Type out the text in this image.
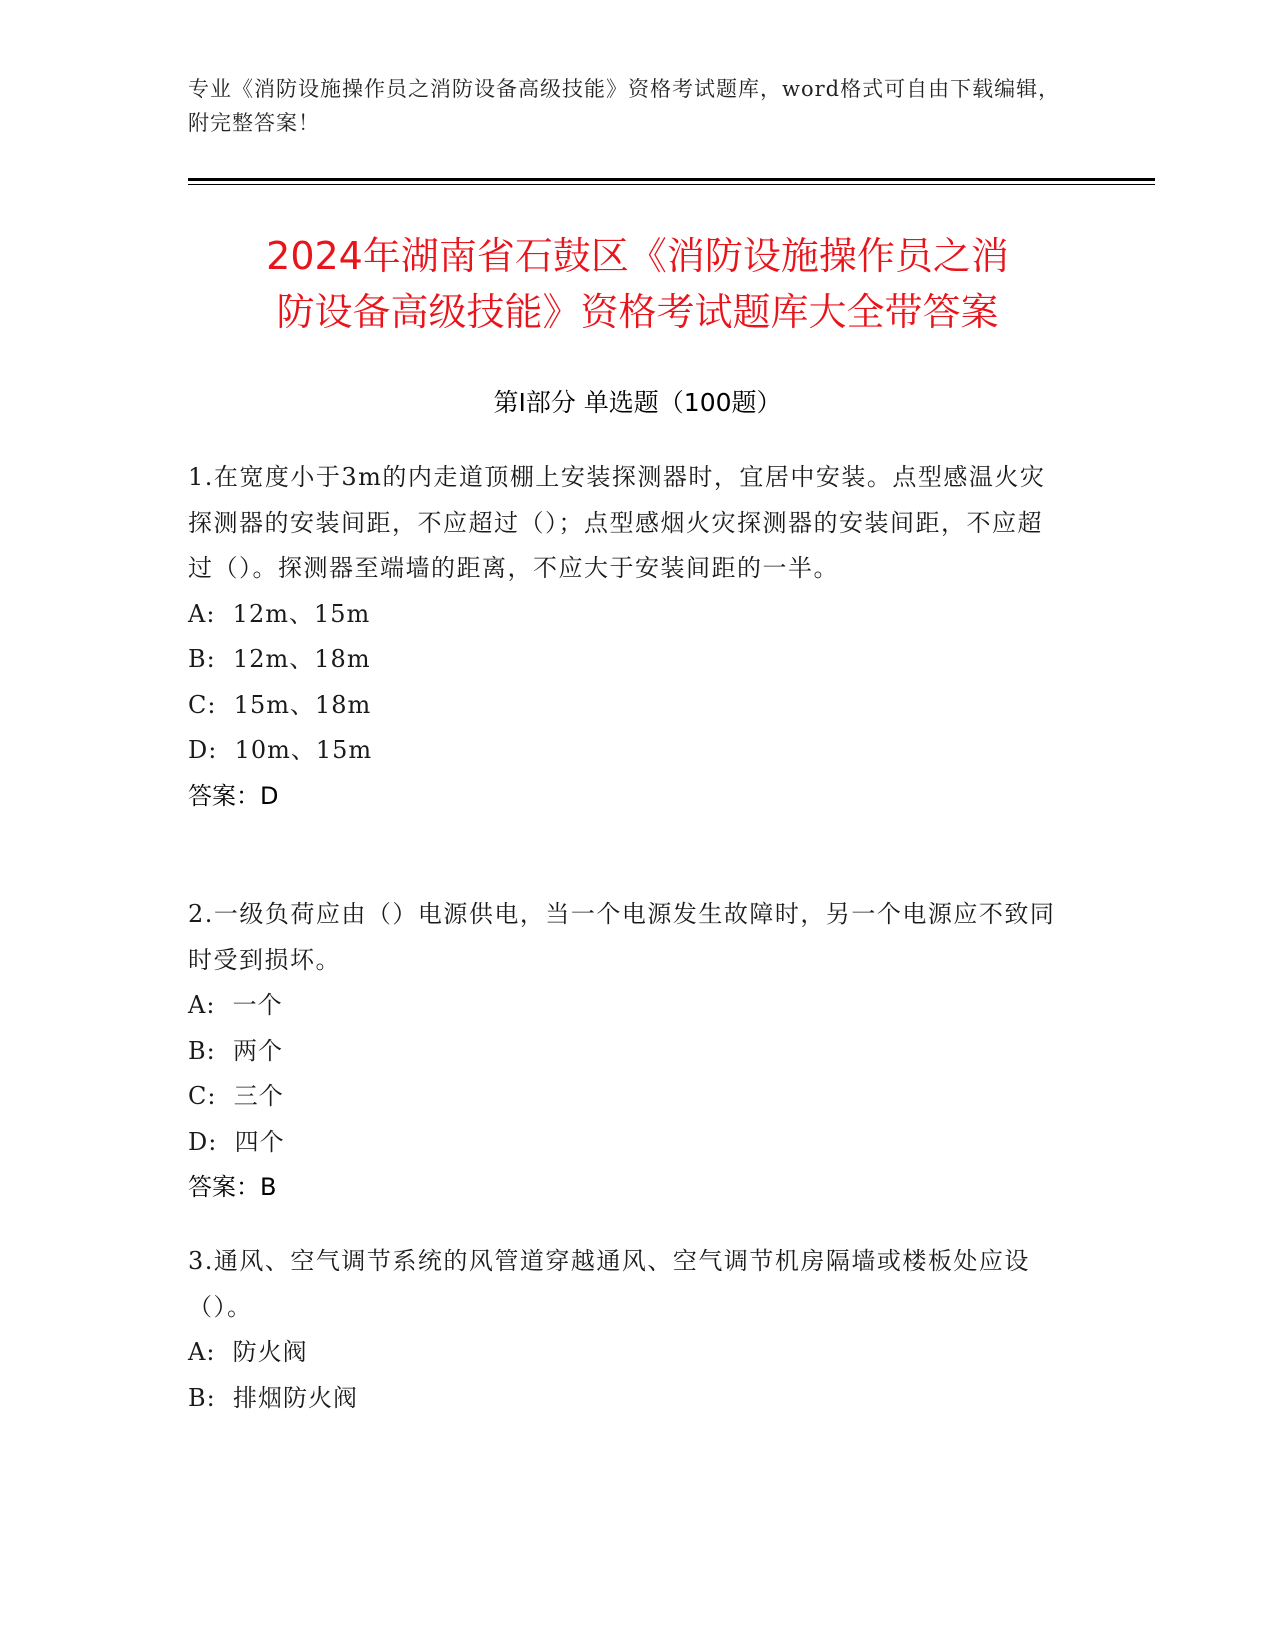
专业《消防设施操作员之消防设备高级技能》资格考试题库，word格式可自由下载编辑，附完整答案！
2024年湖南省石鼓区《消防设施操作员之消
防设备高级技能》资格考试题库大全带答案
第I部分 单选题（100题）
1.在宽度小于3m的内走道顶棚上安装探测器时，宜居中安装。点型感温火灾探测器的安装间距，不应超过（）；点型感烟火灾探测器的安装间距，不应超过（）。探测器至端墙的距离，不应大于安装间距的一半。
A:  12m、15m
B:  12m、18m
C:  15m、18m
D:  10m、15m
答案：D
2.一级负荷应由（）电源供电，当一个电源发生故障时，另一个电源应不致同时受到损坏。
A:  一个
B:  两个
C:  三个
D:  四个
答案：B
3.通风、空气调节系统的风管道穿越通风、空气调节机房隔墙或楼板处应设（）。
A:  防火阀
B:  排烟防火阀
